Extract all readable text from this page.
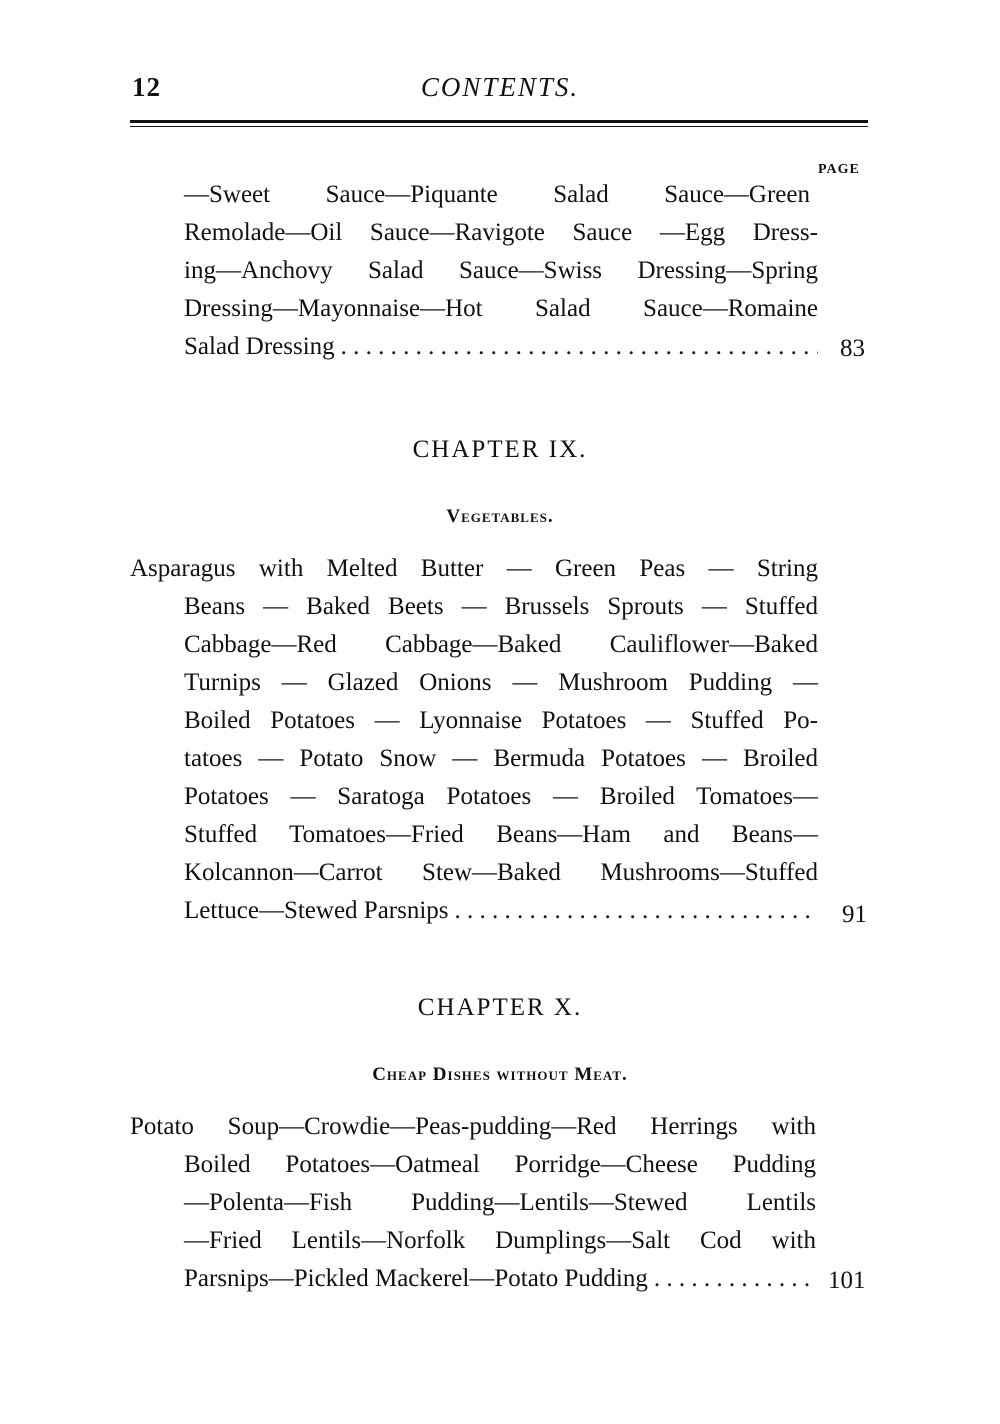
12	CONTENTS.
PAGE
—Sweet Sauce—Piquante Salad Sauce—Green
Remolade—Oil Sauce—Ravigote Sauce —Egg Dress-
ing—Anchovy Salad Sauce—Swiss Dressing—Spring
Dressing—Mayonnaise—Hot Salad Sauce—Romaine
Salad Dressing . . .	83
CHAPTER IX.
Vegetables.
Asparagus with Melted Butter — Green Peas — String
Beans — Baked Beets — Brussels Sprouts — Stuffed
Cabbage—Red Cabbage—Baked Cauliflower—Baked
Turnips — Glazed Onions — Mushroom Pudding —
Boiled Potatoes — Lyonnaise Potatoes — Stuffed Po-
tatoes — Potato Snow — Bermuda Potatoes — Broiled
Potatoes — Saratoga Potatoes — Broiled Tomatoes—
Stuffed Tomatoes—Fried Beans—Ham and Beans—
Kolcannon—Carrot Stew—Baked Mushrooms—Stuffed
Lettuce—Stewed Parsnips . . .	91
CHAPTER X.
Cheap Dishes without Meat.
Potato Soup—Crowdie—Peas-pudding—Red Herrings with
Boiled Potatoes—Oatmeal Porridge—Cheese Pudding
—Polenta—Fish Pudding—Lentils—Stewed Lentils
—Fried Lentils—Norfolk Dumplings—Salt Cod with
Parsnips—Pickled Mackerel—Potato Pudding . . .	101
